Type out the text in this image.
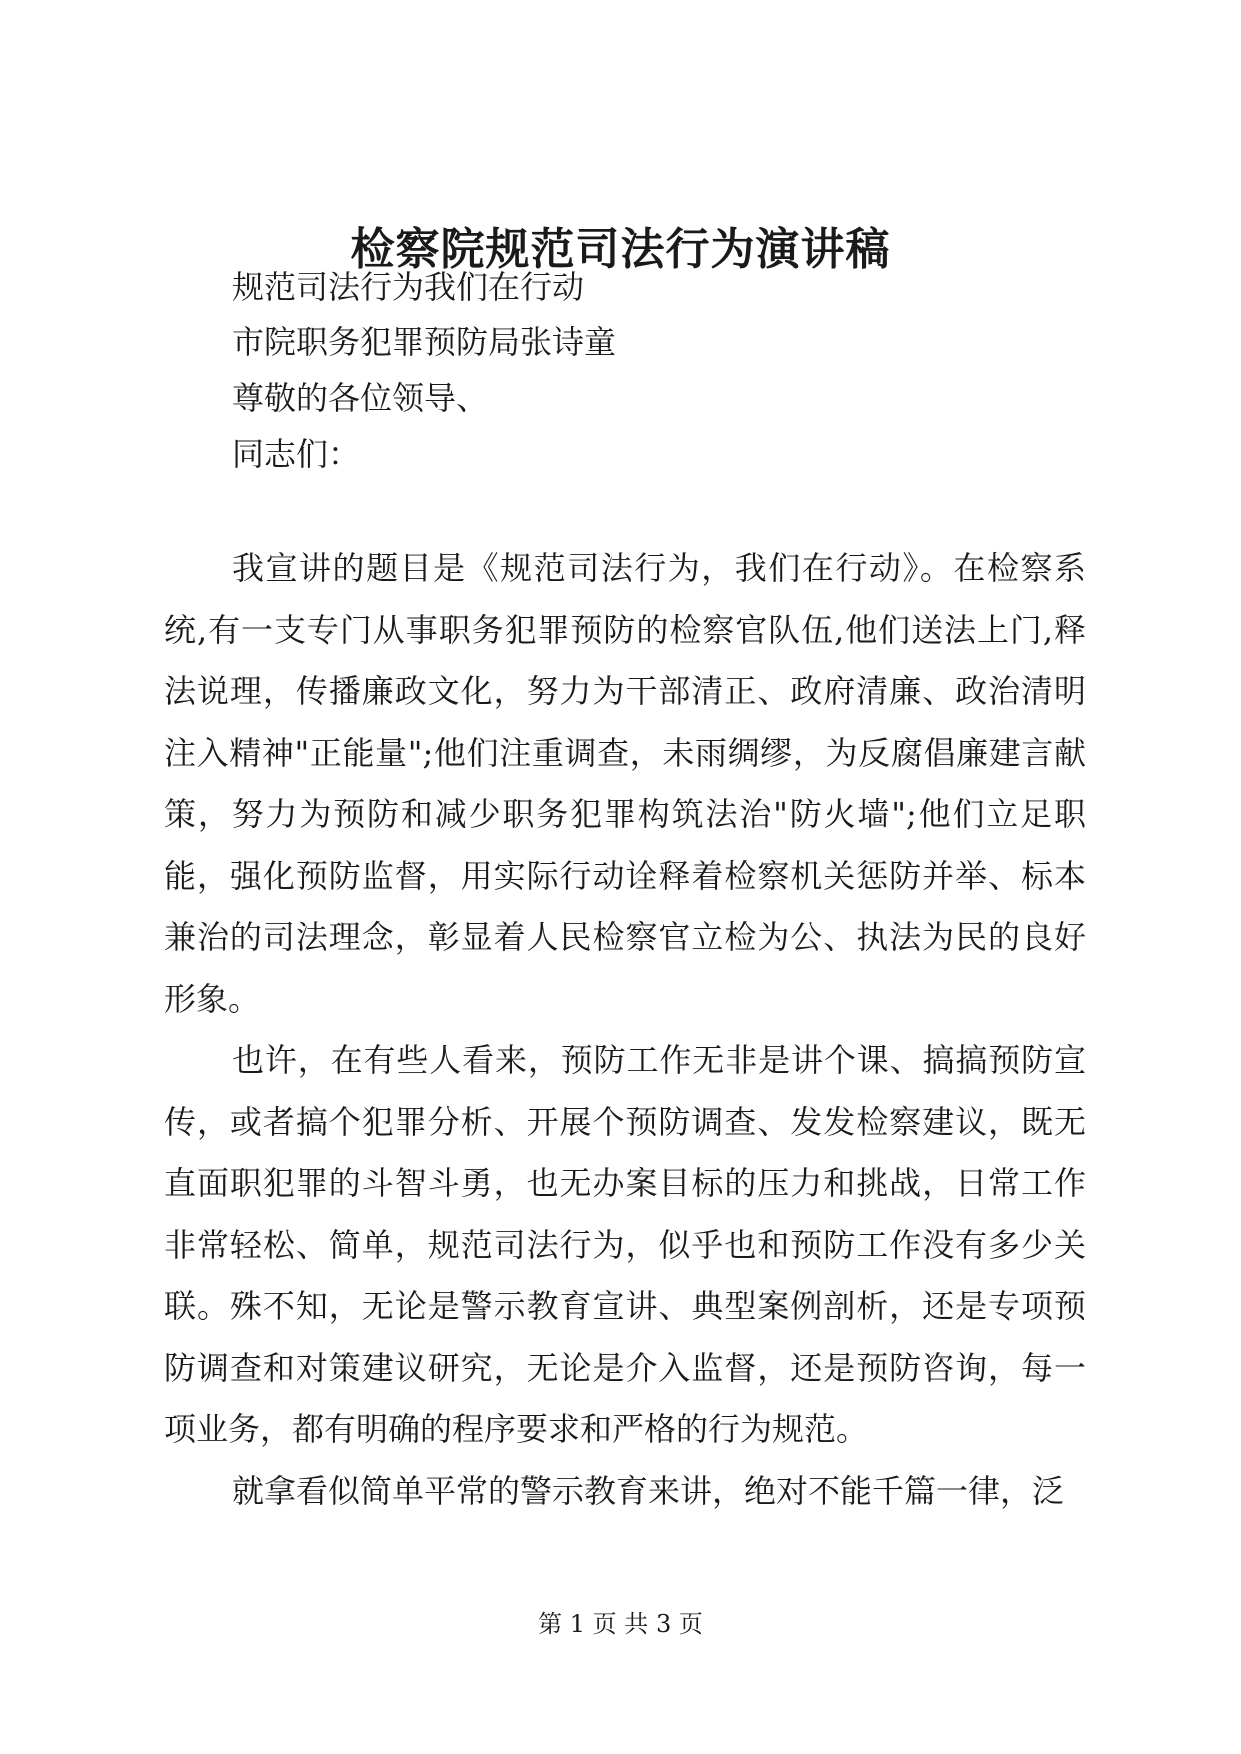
检察院规范司法行为演讲稿
规范司法行为我们在行动
市院职务犯罪预防局张诗童
尊敬的各位领导、
同志们：

我宣讲的题目是《规范司法行为，我们在行动》。在检察系统,有一支专门从事职务犯罪预防的检察官队伍,他们送法上门,释法说理，传播廉政文化，努力为干部清正、政府清廉、政治清明注入精神"正能量";他们注重调查，未雨绸缪，为反腐倡廉建言献策，努力为预防和减少职务犯罪构筑法治"防火墙";他们立足职能，强化预防监督，用实际行动诠释着检察机关惩防并举、标本兼治的司法理念，彰显着人民检察官立检为公、执法为民的良好形象。

也许，在有些人看来，预防工作无非是讲个课、搞搞预防宣传，或者搞个犯罪分析、开展个预防调查、发发检察建议，既无直面职犯罪的斗智斗勇，也无办案目标的压力和挑战，日常工作非常轻松、简单，规范司法行为，似乎也和预防工作没有多少关联。殊不知，无论是警示教育宣讲、典型案例剖析，还是专项预防调查和对策建议研究，无论是介入监督，还是预防咨询，每一项业务，都有明确的程序要求和严格的行为规范。

就拿看似简单平常的警示教育来讲，绝对不能千篇一律，泛

第 1 页 共 3 页
